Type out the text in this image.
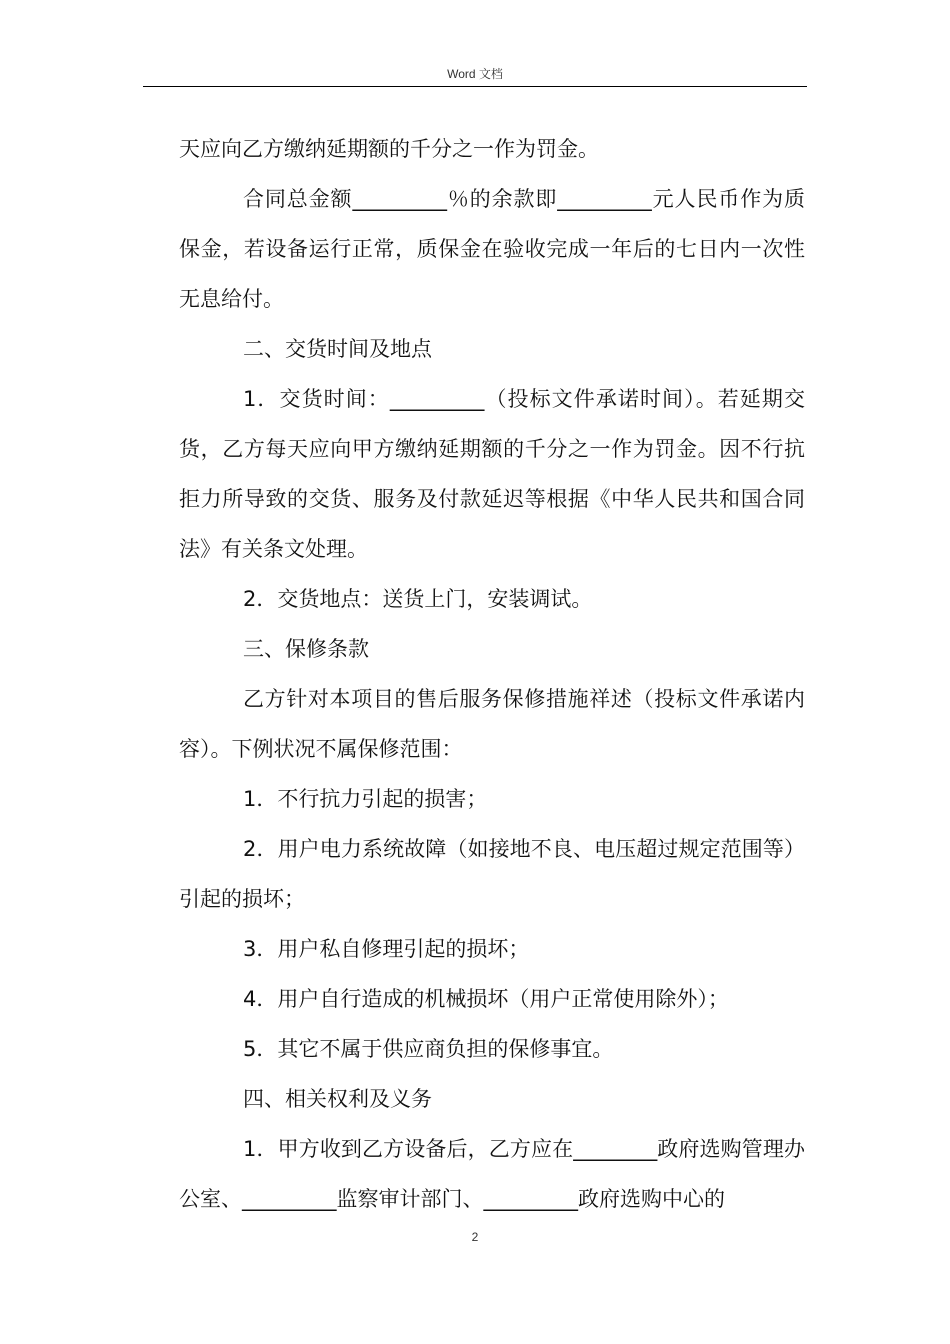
Word 文档

天应向乙方缴纳延期额的千分之一作为罚金。

合同总金额_________％的余款即_________元人民币作为质保金，若设备运行正常，质保金在验收完成一年后的七日内一次性无息给付。

二、交货时间及地点

1．交货时间：_________（投标文件承诺时间）。若延期交货，乙方每天应向甲方缴纳延期额的千分之一作为罚金。因不行抗拒力所导致的交货、服务及付款延迟等根据《中华人民共和国合同法》有关条文处理。

2．交货地点：送货上门，安装调试。

三、保修条款

乙方针对本项目的售后服务保修措施祥述（投标文件承诺内容）。下例状况不属保修范围：

1．不行抗力引起的损害；

2．用户电力系统故障（如接地不良、电压超过规定范围等）引起的损坏；

3．用户私自修理引起的损坏；

4．用户自行造成的机械损坏（用户正常使用除外）；

5．其它不属于供应商负担的保修事宜。

四、相关权利及义务

1．甲方收到乙方设备后，乙方应在________政府选购管理办公室、_________监察审计部门、_________政府选购中心的

2
